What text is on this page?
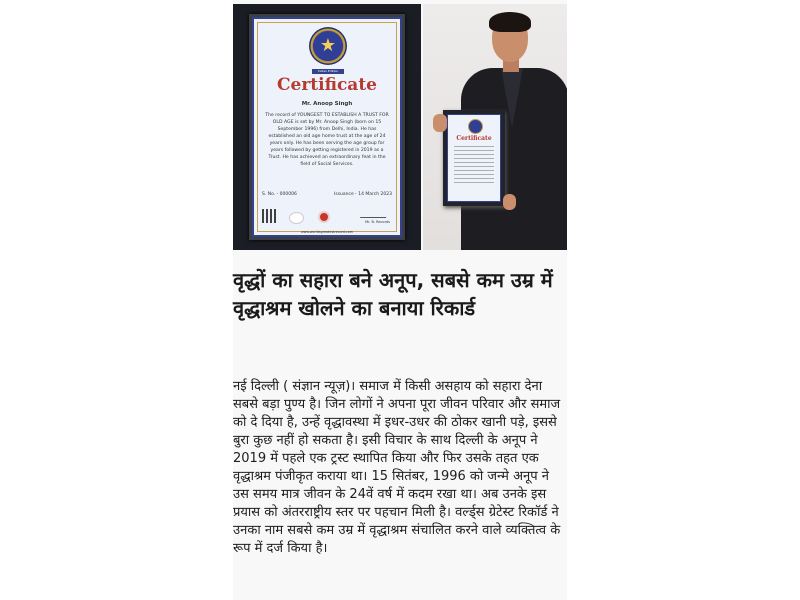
★
Indian Edition
Certificate
Mr. Anoop Singh
The record of YOUNGEST TO ESTABLISH A TRUST FOR OLD AGE is set by Mr. Anoop Singh (born on 15 September 1996) from Delhi, India. He has established an old age home trust at the age of 24 years only. He has been serving the age group for years followed by getting registered in 2019 as a Trust. He has achieved an extraordinary feat in the field of Social Services.
S. No. - 000006	Issuance - 14 March 2023
Mr. B. Records
www.worldsgreatestrecord.com
Certificate
वृद्धों का सहारा बने अनूप, सबसे कम उम्र में वृद्धाश्रम खोलने का बनाया रिकार्ड

नई दिल्ली ( संज्ञान न्यूज़)। समाज में किसी असहाय को सहारा देना सबसे बड़ा पुण्य है। जिन लोगों ने अपना पूरा जीवन परिवार और समाज को दे दिया है, उन्हें वृद्धावस्था में इधर-उधर की ठोकर खानी पड़े, इससे बुरा कुछ नहीं हो सकता है। इसी विचार के साथ दिल्ली के अनूप ने 2019 में पहले एक ट्रस्ट स्थापित किया और फिर उसके तहत एक वृद्धाश्रम पंजीकृत कराया था। 15 सितंबर, 1996 को जन्मे अनूप ने उस समय मात्र जीवन के 24वें वर्ष में कदम रखा था। अब उनके इस प्रयास को अंतरराष्ट्रीय स्तर पर पहचान मिली है। वर्ल्ड्स ग्रेटेस्ट रिकॉर्ड ने उनका नाम सबसे कम उम्र में वृद्धाश्रम संचालित करने वाले व्यक्तित्व के रूप में दर्ज किया है।
